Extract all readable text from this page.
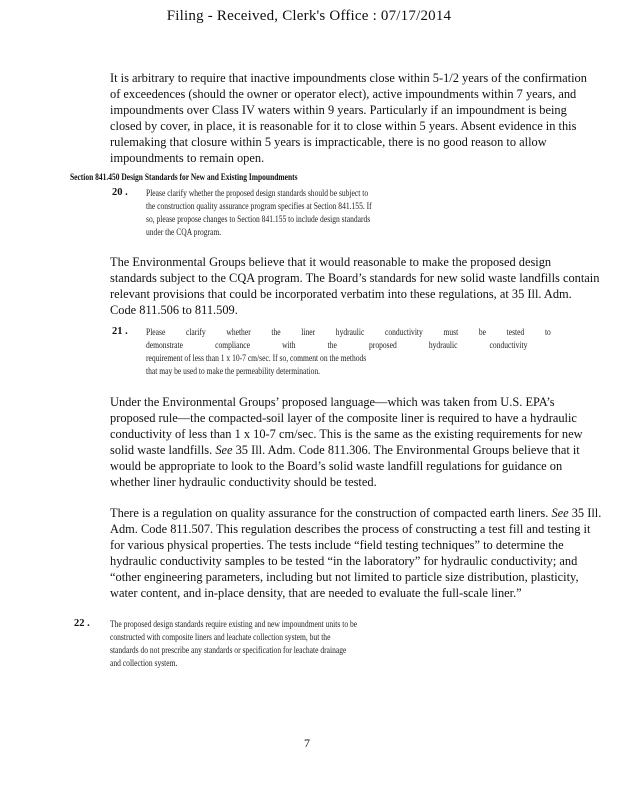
Filing - Received, Clerk's Office : 07/17/2014
It is arbitrary to require that inactive impoundments close within 5-1/2 years of the confirmation of exceedences (should the owner or operator elect), active impoundments within 7 years, and impoundments over Class IV waters within 9 years. Particularly if an impoundment is being closed by cover, in place, it is reasonable for it to close within 5 years. Absent evidence in this rulemaking that closure within 5 years is impracticable, there is no good reason to allow impoundments to remain open.
Section 841.450 Design Standards for New and Existing Impoundments
20 . Please clarify whether the proposed design standards should be subject to the construction quality assurance program specifies at Section 841.155. If so, please propose changes to Section 841.155 to include design standards under the CQA program.
The Environmental Groups believe that it would reasonable to make the proposed design standards subject to the CQA program. The Board’s standards for new solid waste landfills contain relevant provisions that could be incorporated verbatim into these regulations, at 35 Ill. Adm. Code 811.506 to 811.509.
21 . Please clarify whether the liner hydraulic conductivity must be tested to
demonstrate	compliance	with	the	proposed	hydraulic	conductivity
requirement of less than 1 x 10-7 cm/sec. If so, comment on the methods that may be used to make the permeability determination.
Under the Environmental Groups’ proposed language—which was taken from U.S. EPA’s proposed rule—the compacted-soil layer of the composite liner is required to have a hydraulic conductivity of less than 1 x 10-7 cm/sec. This is the same as the existing requirements for new solid waste landfills. See 35 Ill. Adm. Code 811.306. The Environmental Groups believe that it would be appropriate to look to the Board’s solid waste landfill regulations for guidance on whether liner hydraulic conductivity should be tested.
There is a regulation on quality assurance for the construction of compacted earth liners. See 35 Ill. Adm. Code 811.507. This regulation describes the process of constructing a test fill and testing it for various physical properties. The tests include “field testing techniques” to determine the hydraulic conductivity samples to be tested “in the laboratory” for hydraulic conductivity; and “other engineering parameters, including but not limited to particle size distribution, plasticity, water content, and in-place density, that are needed to evaluate the full-scale liner.”
22 . The proposed design standards require existing and new impoundment units to be constructed with composite liners and leachate collection system, but the standards do not prescribe any standards or specification for leachate drainage and collection system.
7
